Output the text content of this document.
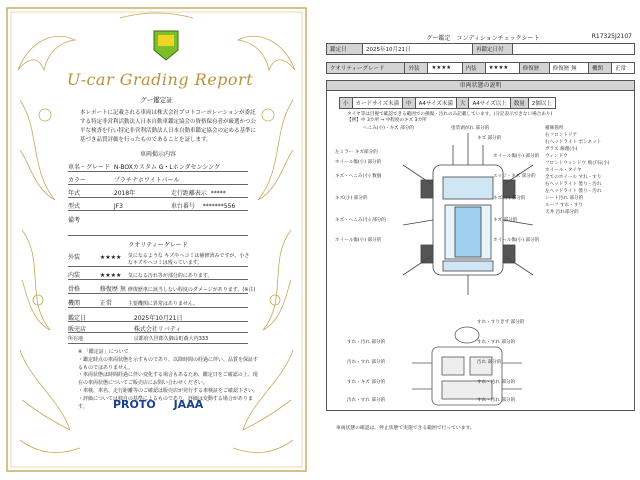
U-car Grading Report
グー鑑定証
本レポートに記載される車両は株式会社プロトコーポレーションが委託する特定非営利活動法人日本自動車鑑定協会の資格保有者が厳選かつ公平な検査を行い特定非営利活動法人日本自動車鑑定協会の定める基準に基づき品質評価を行ったものであることを証します。
車両掲示内容
車名・グレード N-BOXカスタム G・Lホンダセンシング
カラー	プラチナホワイトパール
年式	2018年	走行距離表示 *****
型式	JF3	車台番号 *******556
備考
クオリティーグレード
外装	★★★★ 気になるような キズやヘコミは補修済みですが、小さなキズやヘコミは残っています。
内装	★★★★ 気になる汚れ等が部分的にあります。
骨格	修復歴 無 修復歴車に該当しない程度のダメージがあります。(※注)
機関	正常	主要機関に異常はありません。
鑑定日	2025年10月21日
販売店	株式会社リバティ
所在地	京都府久世郡久御山町森大内333
※ 「鑑定証」について
・鑑定時点の車両状態を示すものであり、以降時間の経過に伴い、品質を保証するものではありません。
・車両状態は時間経過に伴い変化する場合もあるため、鑑定日をご確認の上、現在の車両状態についてご販売店にお問い合わせください。
・車検、車名、走行距離等のご確認は販売店が発行する車検証をご確認下さい。
・評価については独自の基準によるものであり、評価は変動する場合があります。	PROTO JAAA
グー鑑定　コンディションチェックシート	R17325J2107
鑑定日	2025年10月21日	再鑑定日付	
クオリティーグレード	外装	★★★★	内装	★★★★	修復歴	修復歴 無	機関	正常
車両状態の説明
小	カードサイズ未満	中	A4サイズ未満	大	A4サイズ以上	数量	2個以上
タイヤ等は目視で確認できる範囲での損傷・汚れのみ記載しています。(分記表示できない場合あり)
【例】中 3カ所 → 中程度のキズ 3カ所
へこみ(小)・キズ 部分的	塗装剥がれ 部分的
キズ 部分的
左ミラー キズ部分的
ホイール傷(小) 部分的
ホイール傷(小) 部分的
キズ・へこみ(小) 数個	エッジ・キズ 部分的
キズ(小) 部分的	キズ(小) 部分的
キズ・へこみ(小) 部分的	キズ 部分的
ホイール傷(小) 部分的	ホイール傷(小) 部分的
すれ・すりきず 部分的
すれ・汚れ 部分的	すれ・すれ 部分的
汚れ・すれ 部分的	汚れ 部分的
すれ・キズ 部分的	すれ・汚れ 部分的
汚れ・すれ 部分的	すれ・汚れ 部分的
補修箇所
右フロントドア
右ヘッドライト ボンネット
ガラス 修理(小)
ウィンドウ
フロントウィンドウ 飛び石(小)
ホイール・タイヤ
全てのホイール すれ・すり
右ヘッドライト 曇り・汚れ
左ヘッドライト 曇り・汚れ
シート汚れ 部分的
ルーフ すれ・すり
天井 汚れ部分的
車両状態の確認は、停止状態で実施できる範囲で行っています。
